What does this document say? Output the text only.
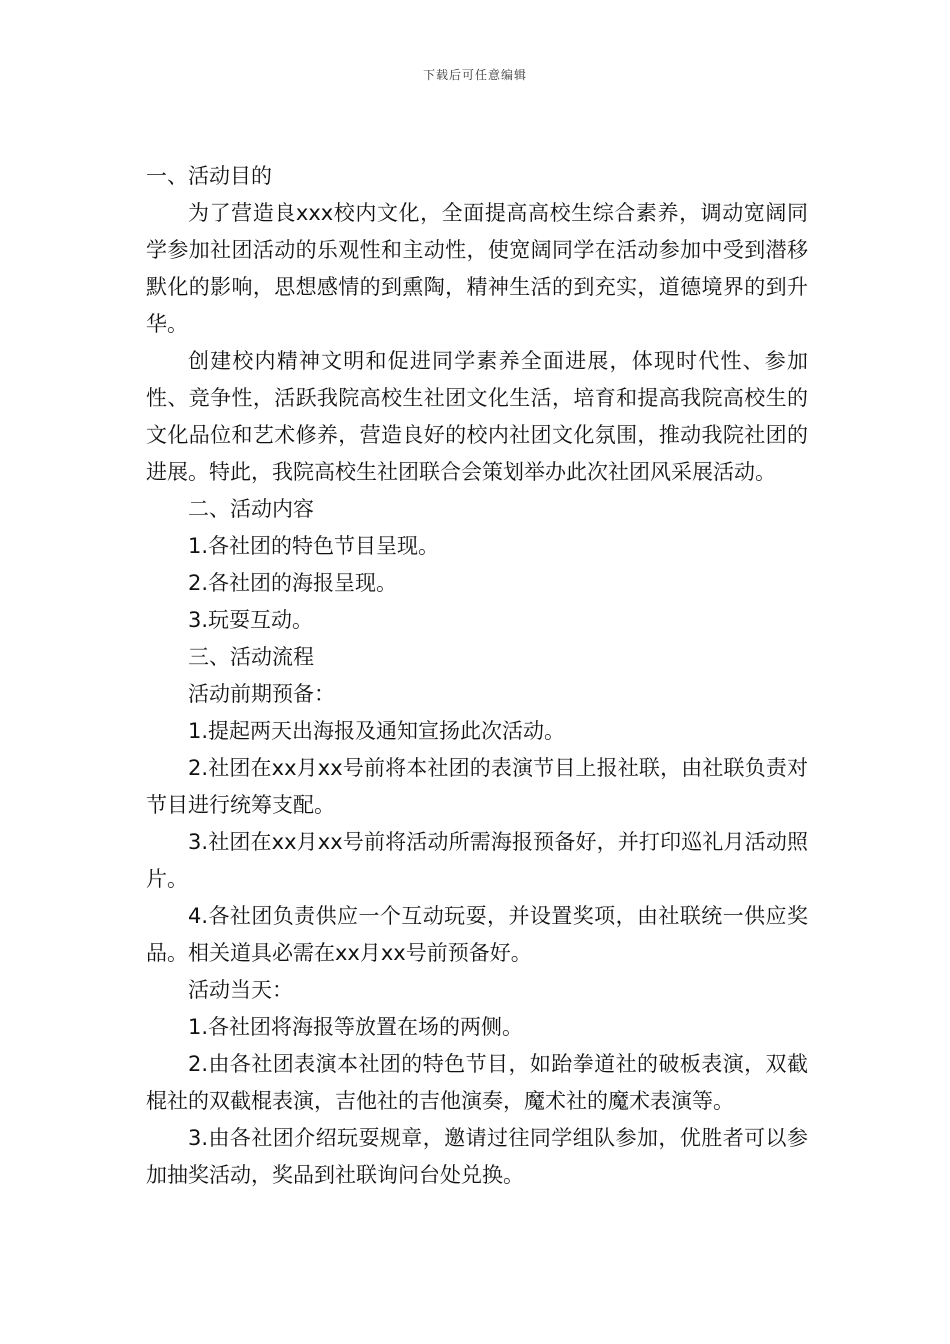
下载后可任意编辑

一、活动目的

为了营造良xxx校内文化，全面提高高校生综合素养，调动宽阔同学参加社团活动的乐观性和主动性，使宽阔同学在活动参加中受到潜移默化的影响，思想感情的到熏陶，精神生活的到充实，道德境界的到升华。

创建校内精神文明和促进同学素养全面进展，体现时代性、参加性、竞争性，活跃我院高校生社团文化生活，培育和提高我院高校生的文化品位和艺术修养，营造良好的校内社团文化氛围，推动我院社团的进展。特此，我院高校生社团联合会策划举办此次社团风采展活动。

二、活动内容

1.各社团的特色节目呈现。

2.各社团的海报呈现。

3.玩耍互动。

三、活动流程

活动前期预备：

1.提起两天出海报及通知宣扬此次活动。

2.社团在xx月xx号前将本社团的表演节目上报社联，由社联负责对节目进行统筹支配。

3.社团在xx月xx号前将活动所需海报预备好，并打印巡礼月活动照片。

4.各社团负责供应一个互动玩耍，并设置奖项，由社联统一供应奖品。相关道具必需在xx月xx号前预备好。

活动当天：

1.各社团将海报等放置在场的两侧。

2.由各社团表演本社团的特色节目，如跆拳道社的破板表演，双截棍社的双截棍表演，吉他社的吉他演奏，魔术社的魔术表演等。

3.由各社团介绍玩耍规章，邀请过往同学组队参加，优胜者可以参加抽奖活动，奖品到社联询问台处兑换。
